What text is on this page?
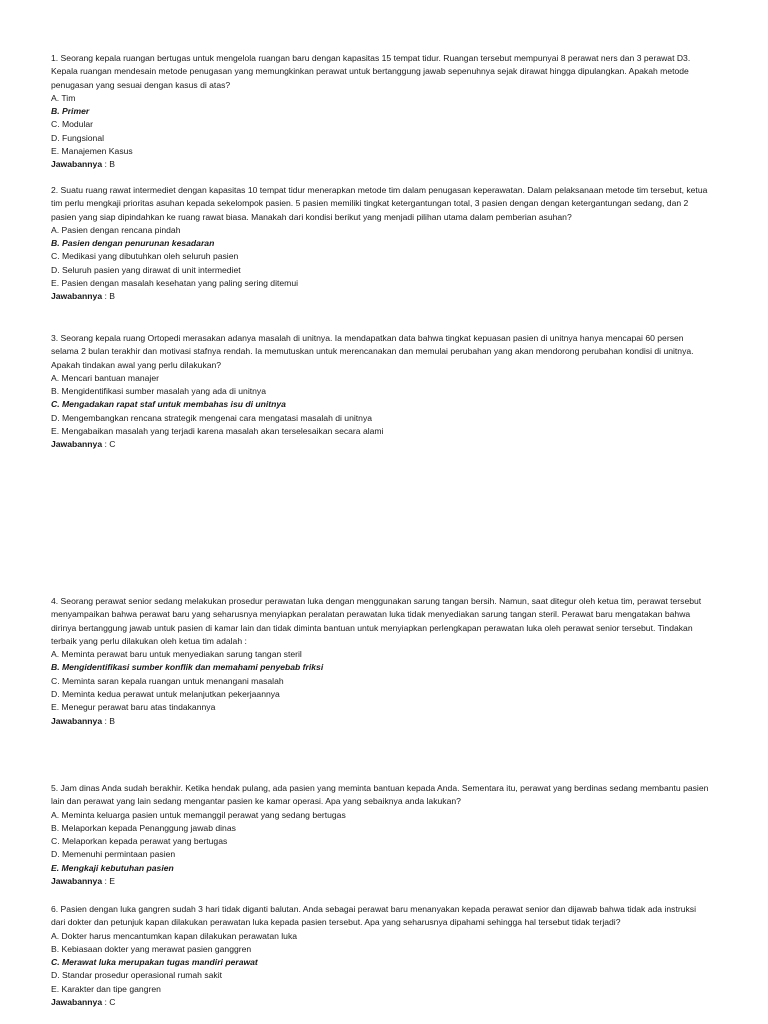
1. Seorang kepala ruangan bertugas untuk mengelola ruangan baru dengan kapasitas 15 tempat tidur. Ruangan tersebut mempunyai 8 perawat ners dan 3 perawat D3. Kepala ruangan mendesain metode penugasan yang memungkinkan perawat untuk bertanggung jawab sepenuhnya sejak dirawat hingga dipulangkan. Apakah metode penugasan yang sesuai dengan kasus di atas?

A. Tim

B. Primer

C. Modular

D. Fungsional

E. Manajemen Kasus

Jawabannya : B

2. Suatu ruang rawat intermediet dengan kapasitas 10 tempat tidur menerapkan metode tim dalam penugasan keperawatan. Dalam pelaksanaan metode tim tersebut, ketua tim perlu mengkaji prioritas asuhan kepada sekelompok pasien. 5 pasien memiliki tingkat ketergantungan total, 3 pasien dengan dengan ketergantungan sedang, dan 2 pasien yang siap dipindahkan ke ruang rawat biasa. Manakah dari kondisi berikut yang menjadi pilihan utama dalam pemberian asuhan?

A. Pasien dengan rencana pindah

B. Pasien dengan penurunan kesadaran

C. Medikasi yang dibutuhkan oleh seluruh pasien

D. Seluruh pasien yang dirawat di unit intermediet

E. Pasien dengan masalah kesehatan yang paling sering ditemui

Jawabannya : B

3. Seorang kepala ruang Ortopedi merasakan adanya masalah di unitnya. Ia mendapatkan data bahwa tingkat kepuasan pasien di unitnya hanya mencapai 60 persen selama 2 bulan terakhir dan motivasi stafnya rendah. Ia memutuskan untuk merencanakan dan memulai perubahan yang akan mendorong perubahan kondisi di unitnya. Apakah tindakan awal yang perlu dilakukan?

A. Mencari bantuan manajer

B. Mengidentifikasi sumber masalah yang ada di unitnya

C. Mengadakan rapat staf untuk membahas isu di unitnya

D. Mengembangkan rencana strategik mengenai cara mengatasi masalah di unitnya

E. Mengabaikan masalah yang terjadi karena masalah akan terselesaikan secara alami

Jawabannya : C

4. Seorang perawat senior sedang melakukan prosedur perawatan luka dengan menggunakan sarung tangan bersih. Namun, saat ditegur oleh ketua tim, perawat tersebut menyampaikan bahwa perawat baru yang seharusnya menyiapkan peralatan perawatan luka tidak menyediakan sarung tangan steril. Perawat baru mengatakan bahwa dirinya bertanggung jawab untuk pasien di kamar lain dan tidak diminta bantuan untuk menyiapkan perlengkapan perawatan luka oleh perawat senior tersebut. Tindakan terbaik yang perlu dilakukan oleh ketua tim adalah :

A. Meminta perawat baru untuk menyediakan sarung tangan steril

B. Mengidentifikasi sumber konflik dan memahami penyebab friksi

C. Meminta saran kepala ruangan untuk menangani masalah

D. Meminta kedua perawat untuk melanjutkan pekerjaannya

E. Menegur perawat baru atas tindakannya

Jawabannya : B

5. Jam dinas Anda sudah berakhir. Ketika hendak pulang, ada pasien yang meminta bantuan kepada Anda. Sementara itu, perawat yang berdinas sedang membantu pasien lain dan perawat yang lain sedang mengantar pasien ke kamar operasi. Apa yang sebaiknya anda lakukan?

A. Meminta keluarga pasien untuk memanggil perawat yang sedang bertugas

B. Melaporkan kepada Penanggung jawab dinas

C. Melaporkan kepada perawat yang bertugas

D. Memenuhi permintaan pasien

E. Mengkaji kebutuhan pasien

Jawabannya : E

6. Pasien dengan luka gangren sudah 3 hari tidak diganti balutan. Anda sebagai perawat baru menanyakan kepada perawat senior dan dijawab bahwa tidak ada instruksi dari dokter dan petunjuk kapan dilakukan perawatan luka kepada pasien tersebut. Apa yang seharusnya dipahami sehingga hal tersebut tidak terjadi?

A. Dokter harus mencantumkan kapan dilakukan perawatan luka

B. Kebiasaan dokter yang merawat pasien ganggren

C. Merawat luka merupakan tugas mandiri perawat

D. Standar prosedur operasional rumah sakit

E. Karakter dan tipe gangren

Jawabannya : C
